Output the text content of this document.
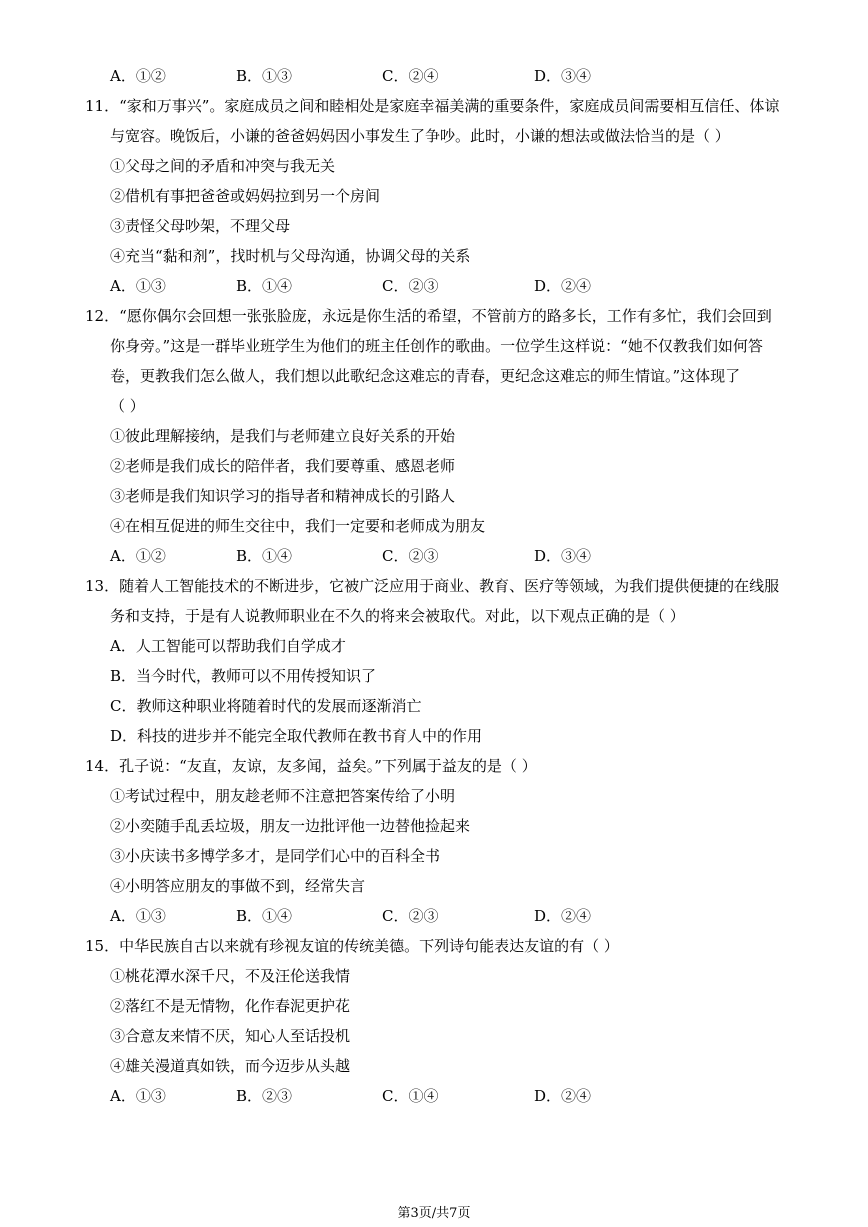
A．①②	B．①③	C．②④	D．③④
11．“家和万事兴”。家庭成员之间和睦相处是家庭幸福美满的重要条件，家庭成员间需要相互信任、体谅
与宽容。晚饭后，小谦的爸爸妈妈因小事发生了争吵。此时，小谦的想法或做法恰当的是（ ）
①父母之间的矛盾和冲突与我无关
②借机有事把爸爸或妈妈拉到另一个房间
③责怪父母吵架，不理父母
④充当“黏和剂”，找时机与父母沟通，协调父母的关系
A．①③	B．①④	C．②③	D．②④
12．“愿你偶尔会回想一张张脸庞，永远是你生活的希望，不管前方的路多长，工作有多忙，我们会回到
你身旁。”这是一群毕业班学生为他们的班主任创作的歌曲。一位学生这样说：“她不仅教我们如何答
卷，更教我们怎么做人，我们想以此歌纪念这难忘的青春，更纪念这难忘的师生情谊。”这体现了
（ ）
①彼此理解接纳，是我们与老师建立良好关系的开始
②老师是我们成长的陪伴者，我们要尊重、感恩老师
③老师是我们知识学习的指导者和精神成长的引路人
④在相互促进的师生交往中，我们一定要和老师成为朋友
A．①②	B．①④	C．②③	D．③④
13．随着人工智能技术的不断进步，它被广泛应用于商业、教育、医疗等领域，为我们提供便捷的在线服
务和支持，于是有人说教师职业在不久的将来会被取代。对此，以下观点正确的是（ ）
A．人工智能可以帮助我们自学成才
B．当今时代，教师可以不用传授知识了
C．教师这种职业将随着时代的发展而逐渐消亡
D．科技的进步并不能完全取代教师在教书育人中的作用
14．孔子说：“友直，友谅，友多闻，益矣。”下列属于益友的是（ ）
①考试过程中，朋友趁老师不注意把答案传给了小明
②小奕随手乱丢垃圾，朋友一边批评他一边替他捡起来
③小庆读书多博学多才，是同学们心中的百科全书
④小明答应朋友的事做不到，经常失言
A．①③	B．①④	C．②③	D．②④
15．中华民族自古以来就有珍视友谊的传统美德。下列诗句能表达友谊的有（ ）
①桃花潭水深千尺，不及汪伦送我情
②落红不是无情物，化作春泥更护花
③合意友来情不厌，知心人至话投机
④雄关漫道真如铁，而今迈步从头越
A．①③	B．②③	C．①④	D．②④
第3页/共7页
